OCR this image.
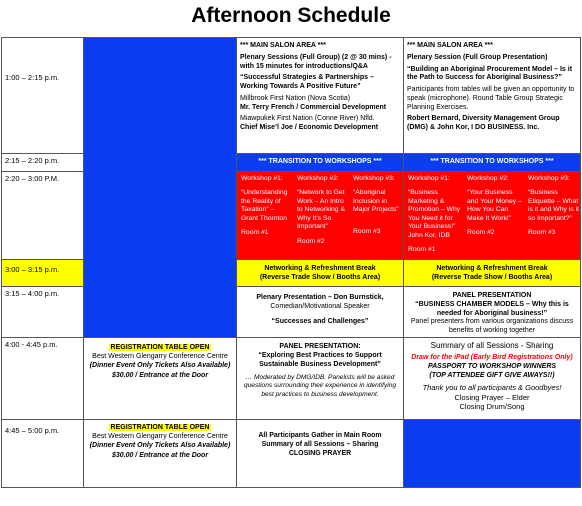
Afternoon Schedule
1:00 – 2:15 p.m.
2:15 – 2:20 p.m.
2:20 – 3:00 P.M.
3:00 – 3:15 p.m.
3:15 – 4:00 p.m.
4:00 - 4:45 p.m.
4:45 – 5:00 p.m.
*** MAIN SALON AREA ***
Plenary Sessions (Full Group) (2 @ 30 mins) - with 15 minutes for introductions/Q&A
“Successful Strategies & Partnerships – Working Towards A Positive Future”
Millbrook First Nation (Nova Scotia)
Mr. Terry French / Commercial Development
Miawpukek First Nation (Conne River) Nfld.
Chief Mise’l Joe / Economic Development
*** MAIN SALON AREA ***
Plenary Session (Full Group Presentation)
“Building an Aboriginal Procurement Model – Is it the Path to Success for Aboriginal Business?”
Participants from tables will be given an opportunity to speak (microphone). Round Table Group Strategic Planning Exercises.
Robert Bernard, Diversity Management Group (DMG) & John Kor, I DO BUSINESS. Inc.
*** TRANSITION TO WORKSHOPS ***	*** TRANSITION TO WORKSHOPS ***
Workshop #1:
“Understanding the Reality of Taxation” – Grant Thornton
Room #1
Workshop #2:
“Network to Get Work – An Intro to Networking & Why It’s So Important”
Room #2
Workshop #3:
“Aboriginal Inclusion in Major Projects”
Room #3
Workshop #1:
“Business Marketing & Promotion – Why You Need it for Your Business!” John Kor, IDB
Room #1
Workshop #2:
“Your Business and Your Money – How You Can Make It Work!”
Room #2
Workshop #3:
“Business Etiquette – What is it and Why is it so Important?”
Room #3
Networking & Refreshment Break
(Reverse Trade Show / Booths Area)
Networking & Refreshment Break
(Reverse Trade Show / Booths Area)
Plenary Presentation – Don Burnstick,
Comedian/Motivational Speaker
“Successes and Challenges”
PANEL PRESENTATION
“BUSINESS CHAMBER MODELS – Why this is needed for Aboriginal business!”
Panel presenters from various organizations discuss benefits of working together
REGISTRATION TABLE OPEN
Best Western Glengarry Conference Centre
(Dinner Event Only Tickets Also Available)
$30.00 / Entrance at the Door
PANEL PRESENTATION:
“Exploring Best Practices to Support Sustainable Business Development”
… Moderated by DMG/IDB. Panelists will be asked questions surrounding their experience in identifying best practices to business development.
Summary of all Sessions - Sharing
Draw for the iPad (Early Bird Registrations Only)
PASSPORT TO WORKSHOP WINNERS
(TOP ATTENDEE GIFT GIVE AWAYS!!)
Thank you to all participants & Goodbyes!
Closing Prayer – Elder
Closing Drum/Song
REGISTRATION TABLE OPEN
Best Western Glengarry Conference Centre
(Dinner Event Only Tickets Also Available)
$30.00 / Entrance at the Door
All Participants Gather in Main Room
Summary of all Sessions – Sharing
CLOSING PRAYER
